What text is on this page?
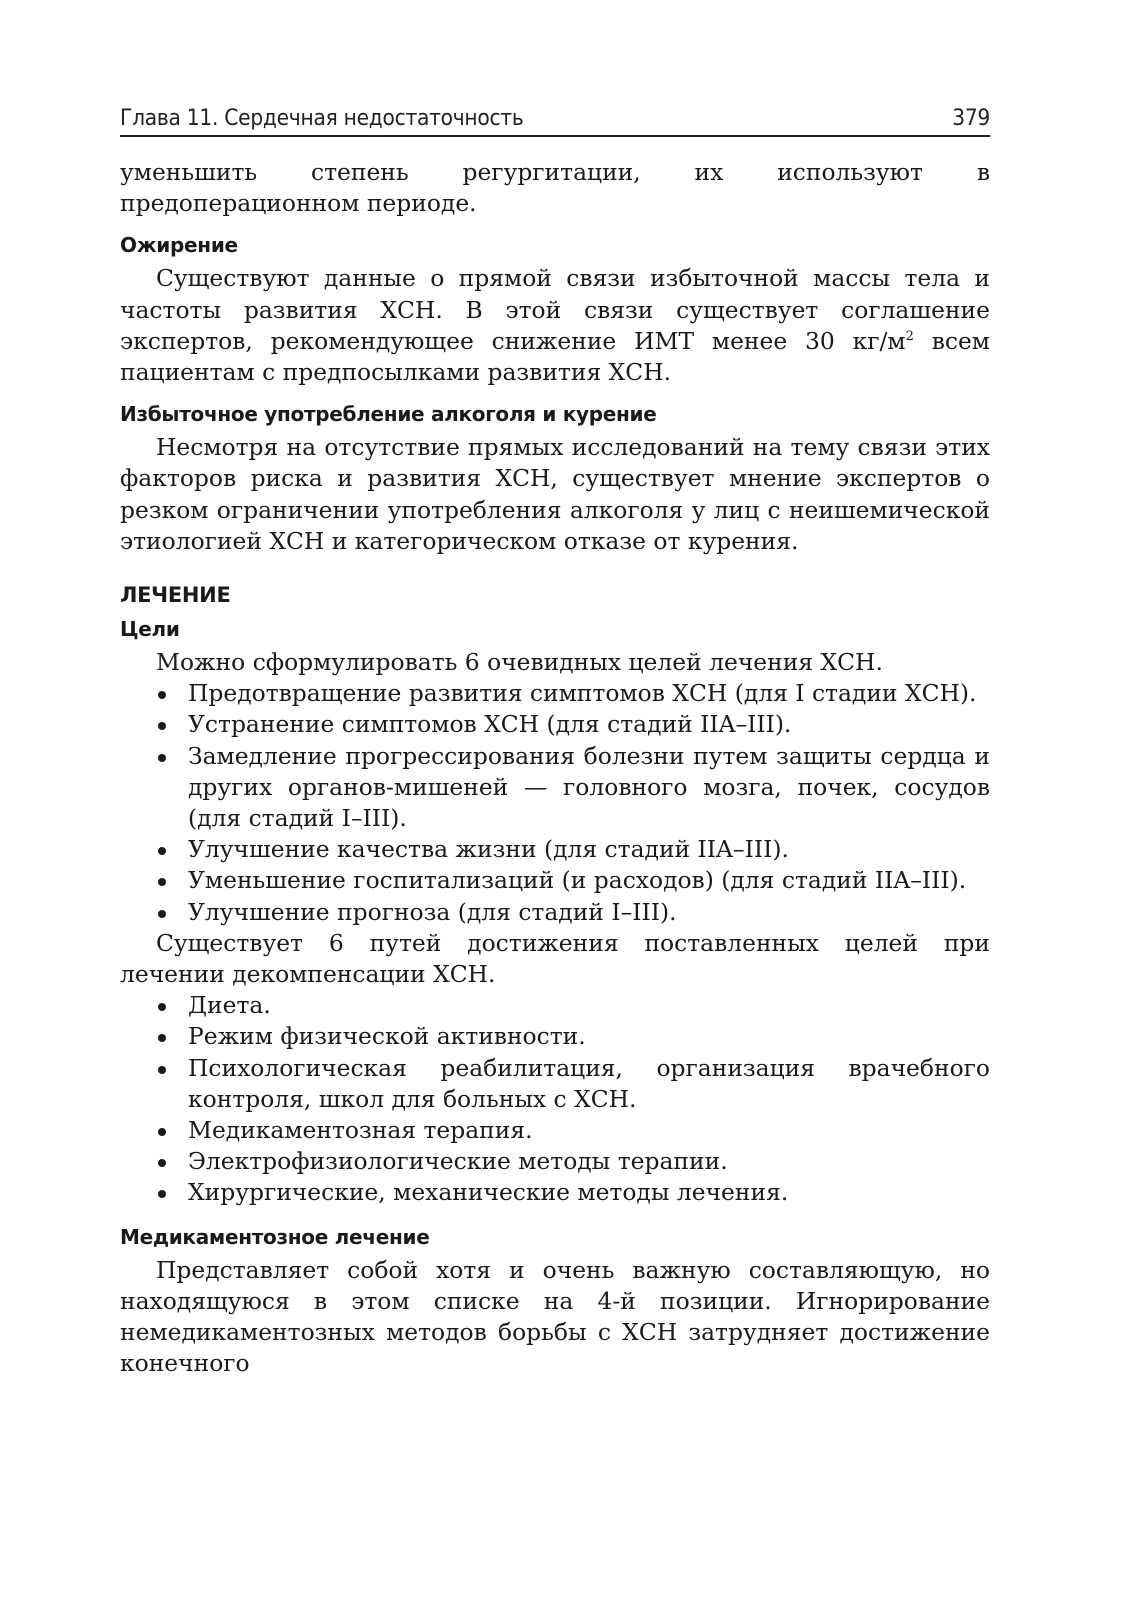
Глава 11. Сердечная недостаточность	379

уменьшить степень регургитации, их используют в предоперационном периоде.

Ожирение

Существуют данные о прямой связи избыточной массы тела и частоты развития ХСН. В этой связи существует соглашение экспертов, рекомендующее снижение ИМТ менее 30 $кг/м^2$ всем пациентам с предпосылками развития ХСН.

Избыточное употребление алкоголя и курение

Несмотря на отсутствие прямых исследований на тему связи этих факторов риска и развития ХСН, существует мнение экспертов о резком ограничении употребления алкоголя у лиц с неишемической этиологией ХСН и категорическом отказе от курения.

ЛЕЧЕНИЕ
Цели

Можно сформулировать 6 очевидных целей лечения ХСН.

Предотвращение развития симптомов ХСН (для I стадии ХСН).
Устранение симптомов ХСН (для стадий IIA–III).
Замедление прогрессирования болезни путем защиты сердца и других органов-мишеней — головного мозга, почек, сосудов (для стадий I–III).
Улучшение качества жизни (для стадий IIA–III).
Уменьшение госпитализаций (и расходов) (для стадий IIA–III).
Улучшение прогноза (для стадий I–III).

Существует 6 путей достижения поставленных целей при лечении декомпенсации ХСН.

Диета.
Режим физической активности.
Психологическая реабилитация, организация врачебного контроля, школ для больных с ХСН.
Медикаментозная терапия.
Электрофизиологические методы терапии.
Хирургические, механические методы лечения.
Медикаментозное лечение

Представляет собой хотя и очень важную составляющую, но находящуюся в этом списке на 4-й позиции. Игнорирование немедикаментозных методов борьбы с ХСН затрудняет достижение конечного
